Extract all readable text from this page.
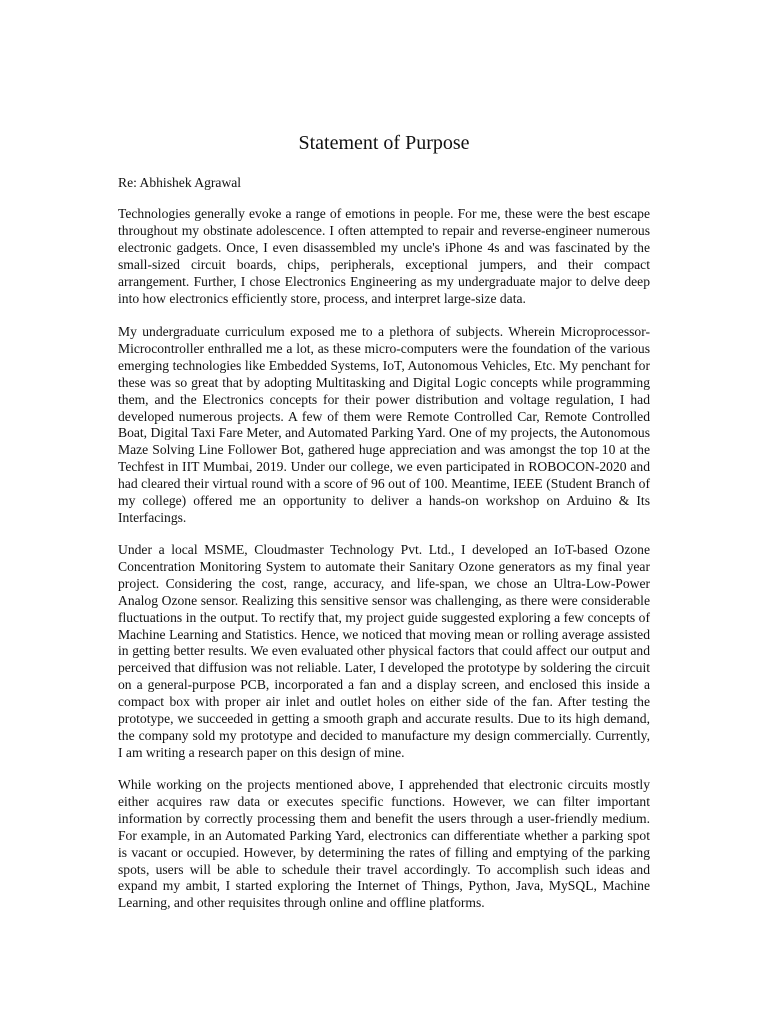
Statement of Purpose

Re: Abhishek Agrawal

Technologies generally evoke a range of emotions in people. For me, these were the best escape throughout my obstinate adolescence. I often attempted to repair and reverse-engineer numerous electronic gadgets. Once, I even disassembled my uncle's iPhone 4s and was fascinated by the small-sized circuit boards, chips, peripherals, exceptional jumpers, and their compact arrangement. Further, I chose Electronics Engineering as my undergraduate major to delve deep into how electronics efficiently store, process, and interpret large-size data.

My undergraduate curriculum exposed me to a plethora of subjects. Wherein Microprocessor-Microcontroller enthralled me a lot, as these micro-computers were the foundation of the various emerging technologies like Embedded Systems, IoT, Autonomous Vehicles, Etc. My penchant for these was so great that by adopting Multitasking and Digital Logic concepts while programming them, and the Electronics concepts for their power distribution and voltage regulation, I had developed numerous projects. A few of them were Remote Controlled Car, Remote Controlled Boat, Digital Taxi Fare Meter, and Automated Parking Yard. One of my projects, the Autonomous Maze Solving Line Follower Bot, gathered huge appreciation and was amongst the top 10 at the Techfest in IIT Mumbai, 2019. Under our college, we even participated in ROBOCON-2020 and had cleared their virtual round with a score of 96 out of 100. Meantime, IEEE (Student Branch of my college) offered me an opportunity to deliver a hands-on workshop on Arduino & Its Interfacings.

Under a local MSME, Cloudmaster Technology Pvt. Ltd., I developed an IoT-based Ozone Concentration Monitoring System to automate their Sanitary Ozone generators as my final year project. Considering the cost, range, accuracy, and life-span, we chose an Ultra-Low-Power Analog Ozone sensor. Realizing this sensitive sensor was challenging, as there were considerable fluctuations in the output. To rectify that, my project guide suggested exploring a few concepts of Machine Learning and Statistics. Hence, we noticed that moving mean or rolling average assisted in getting better results. We even evaluated other physical factors that could affect our output and perceived that diffusion was not reliable. Later, I developed the prototype by soldering the circuit on a general-purpose PCB, incorporated a fan and a display screen, and enclosed this inside a compact box with proper air inlet and outlet holes on either side of the fan. After testing the prototype, we succeeded in getting a smooth graph and accurate results. Due to its high demand, the company sold my prototype and decided to manufacture my design commercially. Currently, I am writing a research paper on this design of mine.

While working on the projects mentioned above, I apprehended that electronic circuits mostly either acquires raw data or executes specific functions. However, we can filter important information by correctly processing them and benefit the users through a user-friendly medium. For example, in an Automated Parking Yard, electronics can differentiate whether a parking spot is vacant or occupied. However, by determining the rates of filling and emptying of the parking spots, users will be able to schedule their travel accordingly. To accomplish such ideas and expand my ambit, I started exploring the Internet of Things, Python, Java, MySQL, Machine Learning, and other requisites through online and offline platforms.
